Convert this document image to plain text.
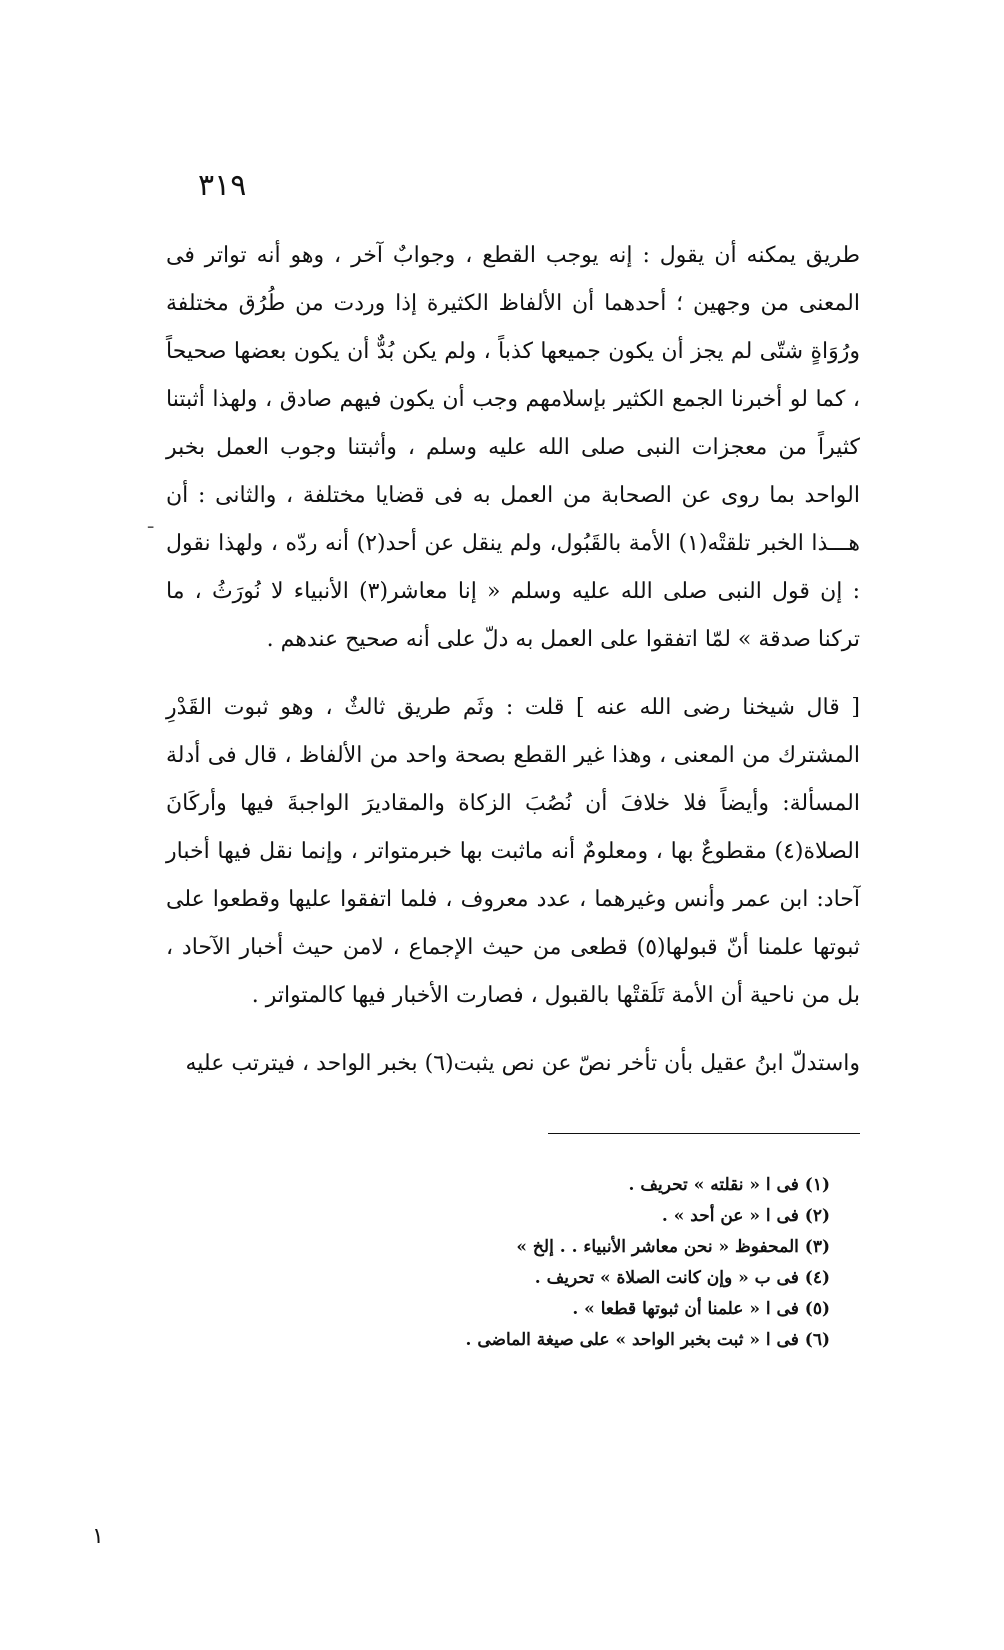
٣١٩
ـ

طريق يمكنه أن يقول : إنه يوجب القطع ، وجوابٌ آخر ، وهو أنه تواتر فى المعنى من وجهين ؛ أحدهما أن الألفاظ الكثيرة إذا وردت من طُرُق مختلفة ورُوَاةٍ شتّى لم يجز أن يكون جميعها كذباً ، ولم يكن بُدٌّ أن يكون بعضها صحيحاً ، كما لو أخبرنا الجمع الكثير بإسلامهم وجب أن يكون فيهم صادق ، ولهذا أثبتنا كثيراً من معجزات النبى صلى الله عليه وسلم ، وأثبتنا وجوب العمل بخبر الواحد بما روى عن الصحابة من العمل به فى قضايا مختلفة ، والثانى : أن هـــذا الخبر تلقتْه(١) الأمة بالقَبُول، ولم ينقل عن أحد(٢) أنه ردّه ، ولهذا نقول : إن قول النبى صلى الله عليه وسلم « إنا معاشر(٣) الأنبياء لا نُورَثُ ، ما تركنا صدقة » لمّا اتفقوا على العمل به دلّ على أنه صحيح عندهم .

[ قال شيخنا رضى الله عنه ] قلت : وثَم طريق ثالثٌ ، وهو ثبوت القَدْرِ المشترك من المعنى ، وهذا غير القطع بصحة واحد من الألفاظ ، قال فى أدلة المسألة: وأيضاً فلا خلافَ أن نُصُبَ الزكاة والمقاديرَ الواجبةَ فيها وأركَانَ الصلاة(٤) مقطوعٌ بها ، ومعلومٌ أنه ماثبت بها خبرمتواتر ، وإنما نقل فيها أخبار آحاد: ابن عمر وأنس وغيرهما ، عدد معروف ، فلما اتفقوا عليها وقطعوا على ثبوتها علمنا أنّ قبولها(٥) قطعى من حيث الإجماع ، لامن حيث أخبار الآحاد ، بل من ناحية أن الأمة تَلَقتْها بالقبول ، فصارت الأخبار فيها كالمتواتر .

واستدلّ ابنُ عقيل بأن تأخر نصّ عن نص يثبت(٦) بخبر الواحد ، فيترتب عليه

(١) فى ا « نقلته » تحريف .
(٢) فى ا « عن أحد » .
(٣) المحفوظ « نحن معاشر الأنبياء . . إلخ »
(٤) فى ب « وإن كانت الصلاة » تحريف .
(٥) فى ا « علمنا أن ثبوتها قطعا » .
(٦) فى ا « ثبت بخبر الواحد » على صيغة الماضى .
١
